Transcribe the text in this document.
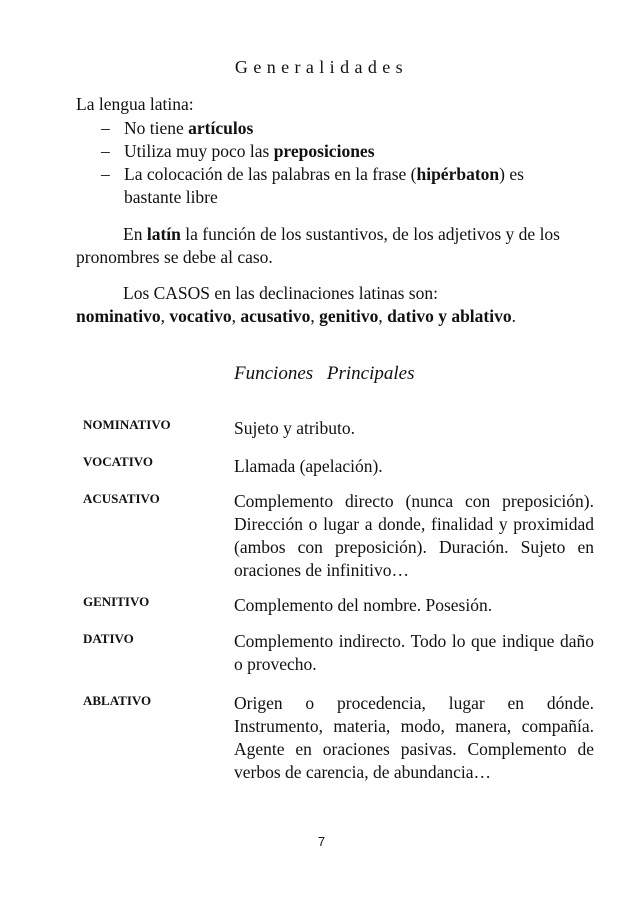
Generalidades
La lengua latina:
– No tiene artículos
– Utiliza muy poco las preposiciones
– La colocación de las palabras en la frase (hipérbaton) es bastante libre
En latín la función de los sustantivos, de los adjetivos y de los pronombres se debe al caso.
Los CASOS en las declinaciones latinas son:
nominativo, vocativo, acusativo, genitivo, dativo y ablativo.
Funciones Principales
NOMINATIVO	Sujeto y atributo.
VOCATIVO	Llamada (apelación).
ACUSATIVO	Complemento directo (nunca con preposición). Dirección o lugar a donde, finalidad y proximidad (ambos con preposición). Duración. Sujeto en oraciones de infinitivo…
GENITIVO	Complemento del nombre. Posesión.
DATIVO	Complemento indirecto. Todo lo que indique daño o provecho.
ABLATIVO	Origen o procedencia, lugar en dónde. Instrumento, materia, modo, manera, compañía. Agente en oraciones pasivas. Complemento de verbos de carencia, de abundancia…
7
